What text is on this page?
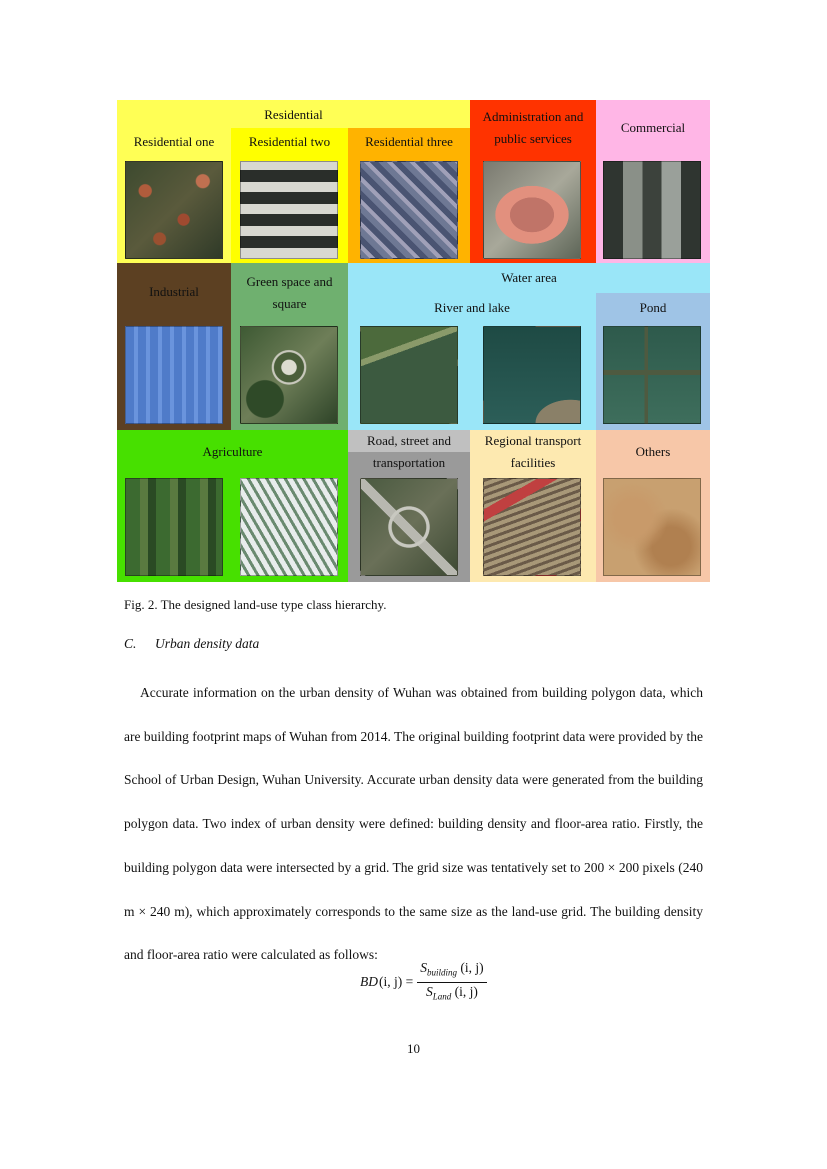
Residential
Residential one	Residential two	Residential three
Administration and
public services
Commercial
Industrial
Green space and
square
Water area
River and lake	Pond
Agriculture
Road, street and
transportation
Regional transport
facilities
Others
Fig. 2. The designed land-use type class hierarchy.
C. Urban density data
Accurate information on the urban density of Wuhan was obtained from building polygon data, which are building footprint maps of Wuhan from 2014. The original building footprint data were provided by the School of Urban Design, Wuhan University. Accurate urban density data were generated from the building polygon data. Two index of urban density were defined: building density and floor-area ratio. Firstly, the building polygon data were intersected by a grid. The grid size was tentatively set to 200 × 200 pixels (240 m × 240 m), which approximately corresponds to the same size as the land-use grid. The building density and floor-area ratio were calculated as follows:
BD (i, $j) = \frac{S_{building} (i, j)}{S_{Land} (i, j)}$
10
